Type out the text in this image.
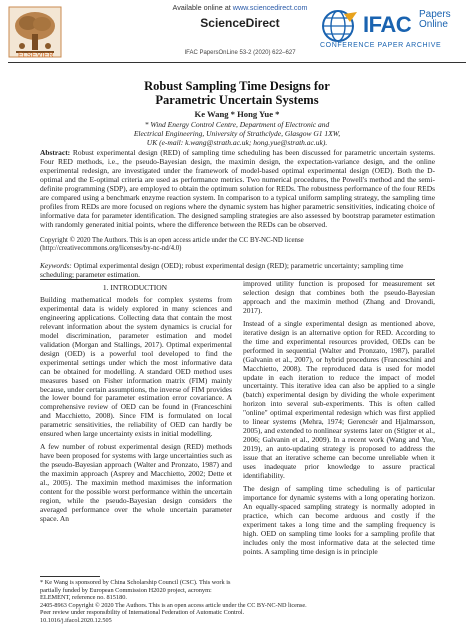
Available online at www.sciencedirect.com
ELSEVIER
ScienceDirect
IFAC PapersOnLine 53-2 (2020) 622–627
IFAC Papers
Online
CONFERENCE PAPER ARCHIVE
Robust Sampling Time Designs for
Parametric Uncertain Systems
Ke Wang * Hong Yue *
* Wind Energy Control Centre, Department of Electronic and
Electrical Engineering, University of Strathclyde, Glasgow G1 1XW,
UK (e-mail: k.wang@strath.ac.uk; hong.yue@strath.ac.uk).
Abstract: Robust experimental design (RED) of sampling time scheduling has been discussed for parametric uncertain systems. Four RED methods, i.e., the pseudo-Bayesian design, the maximin design, the expectation-variance design, and the online experimental redesign, are investigated under the framework of model-based optimal experimental design (OED). Both the D-optimal and the E-optimal criteria are used as performance metrics. Two numerical procedures, the Powell's method and the semi-definite programming (SDP), are employed to obtain the optimum solution for REDs. The robustness performance of the four REDs are compared using a benchmark enzyme reaction system. In comparison to a typical uniform sampling strategy, the sampling time profiles from REDs are more focused on regions where the dynamic system has higher parametric sensitivities, indicating choice of informative data for parameter identification. The designed sampling strategies are also assessed by bootstrap parameter estimation with randomly generated initial points, where the difference between the REDs can be observed.
Copyright © 2020 The Authors. This is an open access article under the CC BY-NC-ND license
(http://creativecommons.org/licenses/by-nc-nd/4.0)
Keywords: Optimal experimental design (OED); robust experimental design (RED); parametric uncertainty; sampling time scheduling; parameter estimation.
1. INTRODUCTION

Building mathematical models for complex systems from experimental data is widely explored in many sciences and engineering applications. Collecting data that contain the most relevant information about the system dynamics is crucial for model discrimination, parameter estimation and model validation (Morgan and Stallings, 2017). Optimal experimental design (OED) is a powerful tool developed to find the experimental settings under which the most informative data can be obtained for modelling. A standard OED method uses measures based on Fisher information matrix (FIM) mainly because, under certain assumptions, the inverse of FIM provides the lower bound for parameter estimation error covariance. A comprehensive review of OED can be found in (Franceschini and Macchietto, 2008). Since FIM is formulated on local parametric sensitivities, the reliability of OED can hardly be ensured when large uncertainty exists in initial modelling.

A few number of robust experimental design (RED) methods have been proposed for systems with large uncertainties such as the pseudo-Bayesian approach (Walter and Pronzato, 1987) and the maximin approach (Asprey and Macchietto, 2002; Dette et al., 2005). The maximin method maximises the information content for the possible worst performance within the uncertain region, while the pseudo-Bayesian design considers the averaged performance over the whole uncertain parameter space. An

improved utility function is proposed for measurement set selection design that combines both the pseudo-Bayesian approach and the maximin method (Zhang and Drovandi, 2017).

Instead of a single experimental design as mentioned above, iterative design is an alternative option for RED. According to the time and experimental resources provided, OEDs can be performed in sequential (Walter and Pronzato, 1987), parallel (Galvanin et al., 2007), or hybrid procedures (Franceschini and Macchietto, 2008). The reproduced data is used for model update in each iteration to reduce the impact of model uncertainty. This iterative idea can also be applied to a single (batch) experimental design by dividing the whole experiment horizon into several sub-experiments. This is often called "online" optimal experimental redesign which was first applied to linear systems (Mehra, 1974; Gerencsér and Hjalmarsson, 2005), and extended to nonlinear systems later on (Stigter et al., 2006; Galvanin et al., 2009). In a recent work (Wang and Yue, 2019), an auto-updating strategy is proposed to address the issue that an iterative scheme can become unreliable when it uses inadequate prior knowledge to assure practical identifiability.

The design of sampling time scheduling is of particular importance for dynamic systems with a long operating horizon. An equally-spaced sampling strategy is normally adopted in practice, which can become arduous and costly if the experiment takes a long time and the sampling frequency is high. OED on sampling time looks for a sampling profile that includes only the most informative data at the selected time points. A sampling time design is in principle

* Ke Wang is sponsored by China Scholarship Council (CSC). This work is partially funded by European Commission H2020 project, acronym: ELEMENT, reference no. 815180.
2405-8963 Copyright © 2020 The Authors. This is an open access article under the CC BY-NC-ND license.
Peer review under responsibility of International Federation of Automatic Control.
10.1016/j.ifacol.2020.12.505
